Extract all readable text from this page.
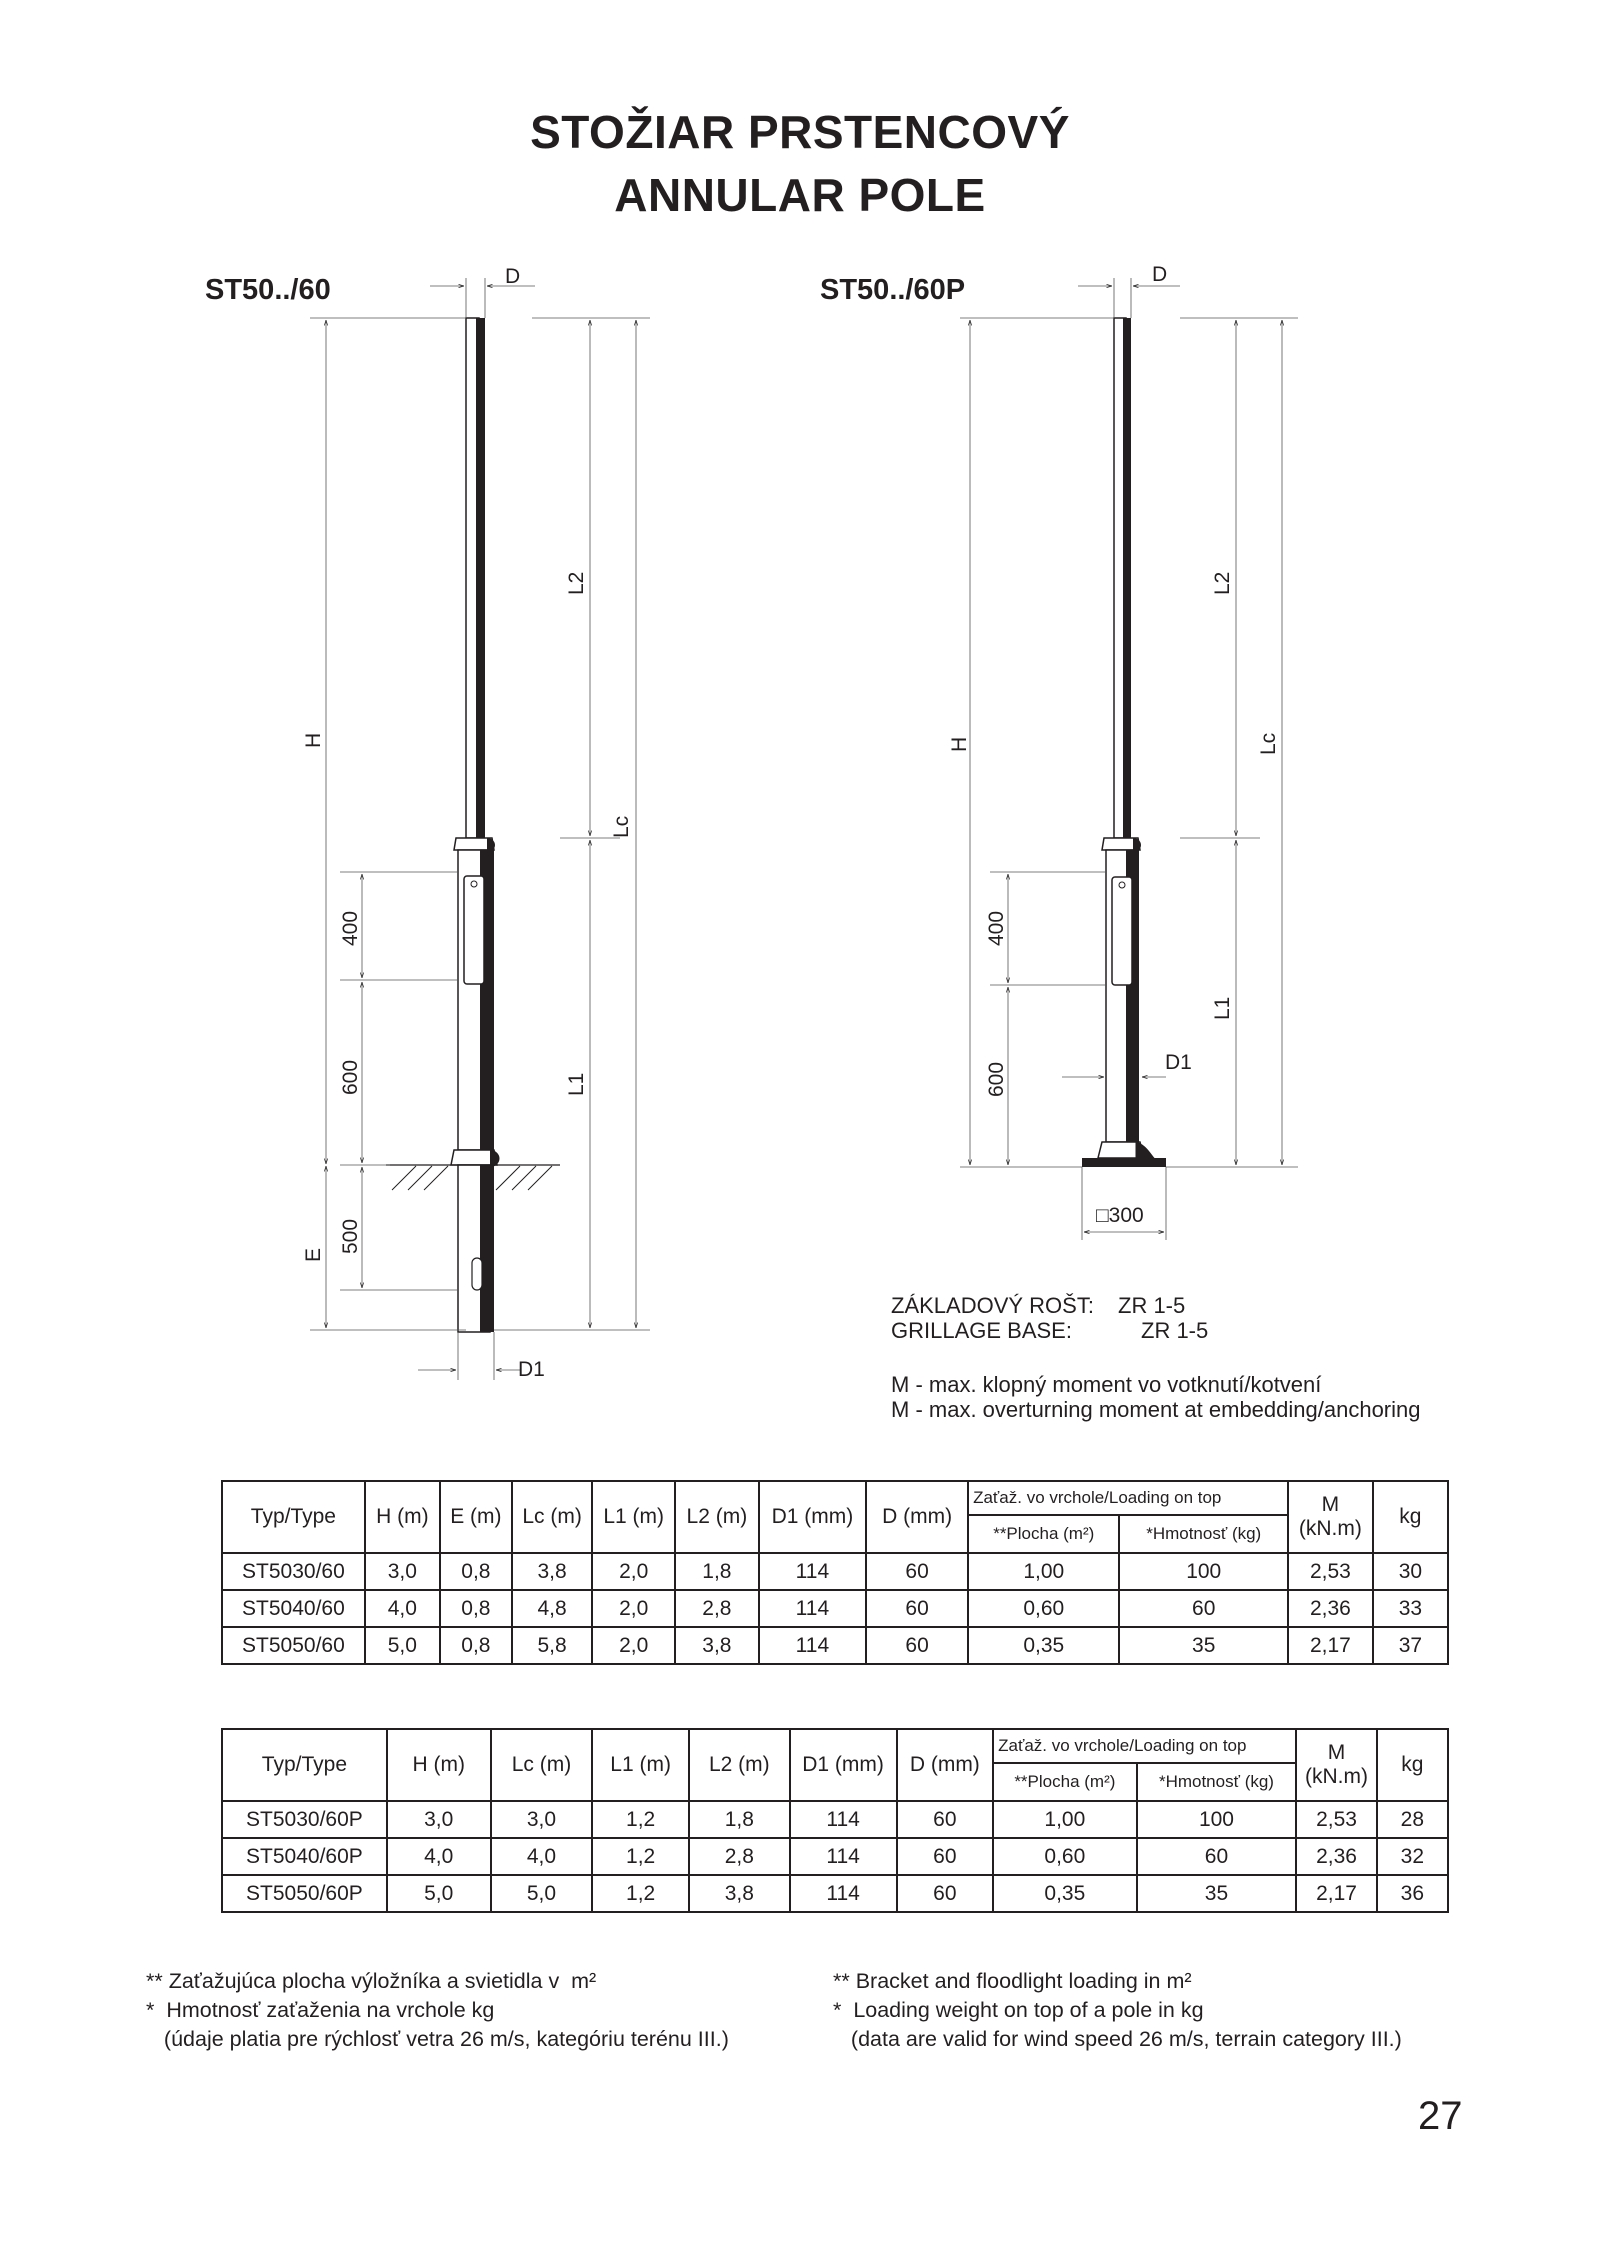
STOŽIAR PRSTENCOVÝ
ANNULAR POLE
ST50../60	ST50../60P
D
H
L2
Lc
L1
400
600
500
E
D1
D
H
L2
Lc
L1
400
600	D1
□300
ZÁKLADOVÝ ROŠT: ZR 1-5
GRILLAGE BASE:	ZR 1-5
M - max. klopný moment vo votknutí/kotvení
M - max. overturning moment at embedding/anchoring
Typ/Type	H (m)	E (m)	Lc (m)	L1 (m)	L2 (m)	D1 (mm)	D (mm)	Zaťaž. vo vrchole/Loading on top		M (kN.m)	kg
								**Plocha (m²)	*Hmotnosť (kg)		
ST5030/60	3,0	0,8	3,8	2,0	1,8	114	60	1,00	100	2,53	30
ST5040/60	4,0	0,8	4,8	2,0	2,8	114	60	0,60	60	2,36	33
ST5050/60	5,0	0,8	5,8	2,0	3,8	114	60	0,35	35	2,17	37
Typ/Type	H (m)	Lc (m)	L1 (m)	L2 (m)	D1 (mm)	D (mm)	Zaťaž. vo vrchole/Loading on top		M (kN.m)	kg
							**Plocha (m²)	*Hmotnosť (kg)		
ST5030/60P	3,0	3,0	1,2	1,8	114	60	1,00	100	2,53	28
ST5040/60P	4,0	4,0	1,2	2,8	114	60	0,60	60	2,36	32
ST5050/60P	5,0	5,0	1,2	3,8	114	60	0,35	35	2,17	36
** Zaťažujúca plocha výložníka a svietidla v  m²
*  Hmotnosť zaťaženia na vrchole kg
(údaje platia pre rýchlosť vetra 26 m/s, kategóriu terénu III.)
** Bracket and floodlight loading in m²
*  Loading weight on top of a pole in kg
(data are valid for wind speed 26 m/s, terrain category III.)
27
